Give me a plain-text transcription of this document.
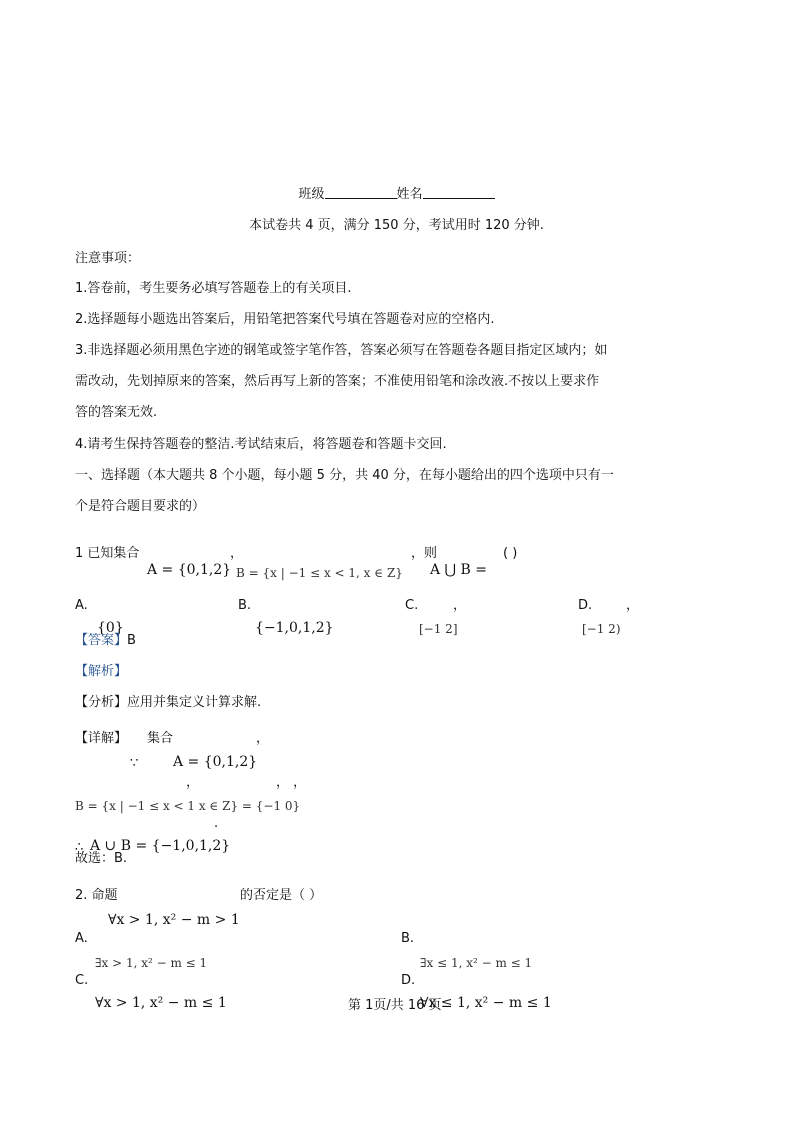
班级	姓名
本试卷共 4 页，满分 150 分，考试用时 120 分钟.
注意事项：
1.答卷前，考生要务必填写答题卷上的有关项目.
2.选择题每小题选出答案后，用铅笔把答案代号填在答题卷对应的空格内.
3.非选择题必须用黑色字迹的钢笔或签字笔作答，答案必须写在答题卷各题目指定区域内；如
需改动，先划掉原来的答案，然后再写上新的答案；不准使用铅笔和涂改液.不按以上要求作
答的答案无效.
4.请考生保持答题卷的整洁.考试结束后，将答题卷和答题卡交回.
一、选择题（本大题共 8 个小题，每小题 5 分，共 40 分，在每小题给出的四个选项中只有一
个是符合题目要求的）
1 已知集合	，	，则	( )
A = {0,1,2} B = {x | −1 ≤ x < 1, x ∈ Z} A ⋃ B =
A.
{0}
B.
{−1,0,1,2}
C.	，
[−1 2]
D.	，
[−1 2)
【答案】B
【解析】
【分析】应用并集定义计算求解.
【详解】 集合	，
∵ A = {0,1,2}
，	， ，
B = {x | −1 ≤ x < 1 x ∈ Z} = {−1 0}
.
∴ A ∪ B = {−1,0,1,2}
故选：B.
2. 命题	的否定是（ ）
∀x > 1, x² − m > 1
A.
∃x > 1, x² − m ≤ 1
B.
∃x ≤ 1, x² − m ≤ 1
C.
∀x > 1, x² − m ≤ 1
D.
∀x ≤ 1, x² − m ≤ 1
第 1页/共 16 页
